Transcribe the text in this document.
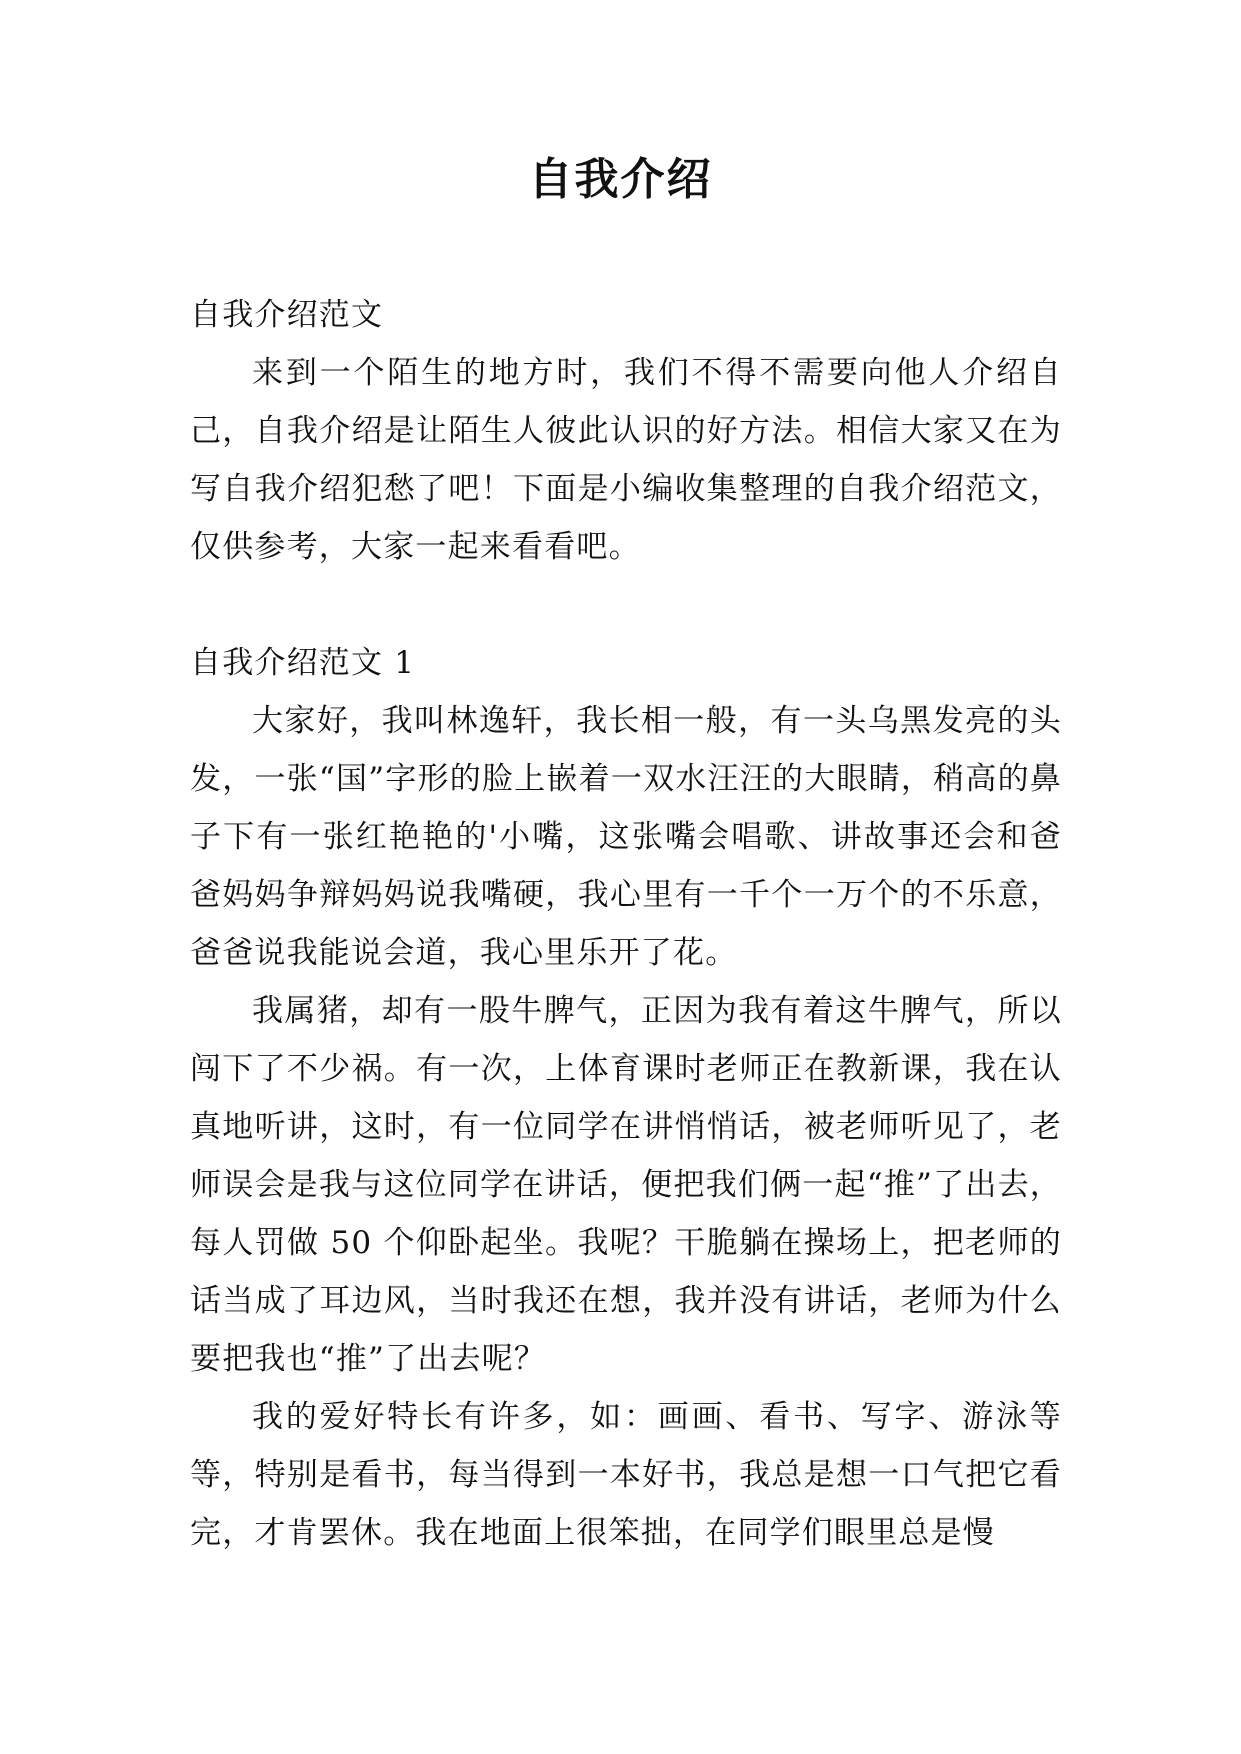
自我介绍

自我介绍范文

来到一个陌生的地方时，我们不得不需要向他人介绍自己，自我介绍是让陌生人彼此认识的好方法。相信大家又在为写自我介绍犯愁了吧！下面是小编收集整理的自我介绍范文，仅供参考，大家一起来看看吧。

自我介绍范文 1

大家好，我叫林逸轩，我长相一般，有一头乌黑发亮的头发，一张“国”字形的脸上嵌着一双水汪汪的大眼睛，稍高的鼻子下有一张红艳艳的'小嘴，这张嘴会唱歌、讲故事还会和爸爸妈妈争辩妈妈说我嘴硬，我心里有一千个一万个的不乐意，爸爸说我能说会道，我心里乐开了花。

我属猪，却有一股牛脾气，正因为我有着这牛脾气，所以闯下了不少祸。有一次，上体育课时老师正在教新课，我在认真地听讲，这时，有一位同学在讲悄悄话，被老师听见了，老师误会是我与这位同学在讲话，便把我们俩一起“推”了出去，每人罚做 50 个仰卧起坐。我呢？干脆躺在操场上，把老师的话当成了耳边风，当时我还在想，我并没有讲话，老师为什么要把我也“推”了出去呢？

我的爱好特长有许多，如：画画、看书、写字、游泳等等，特别是看书，每当得到一本好书，我总是想一口气把它看完，才肯罢休。我在地面上很笨拙，在同学们眼里总是慢
